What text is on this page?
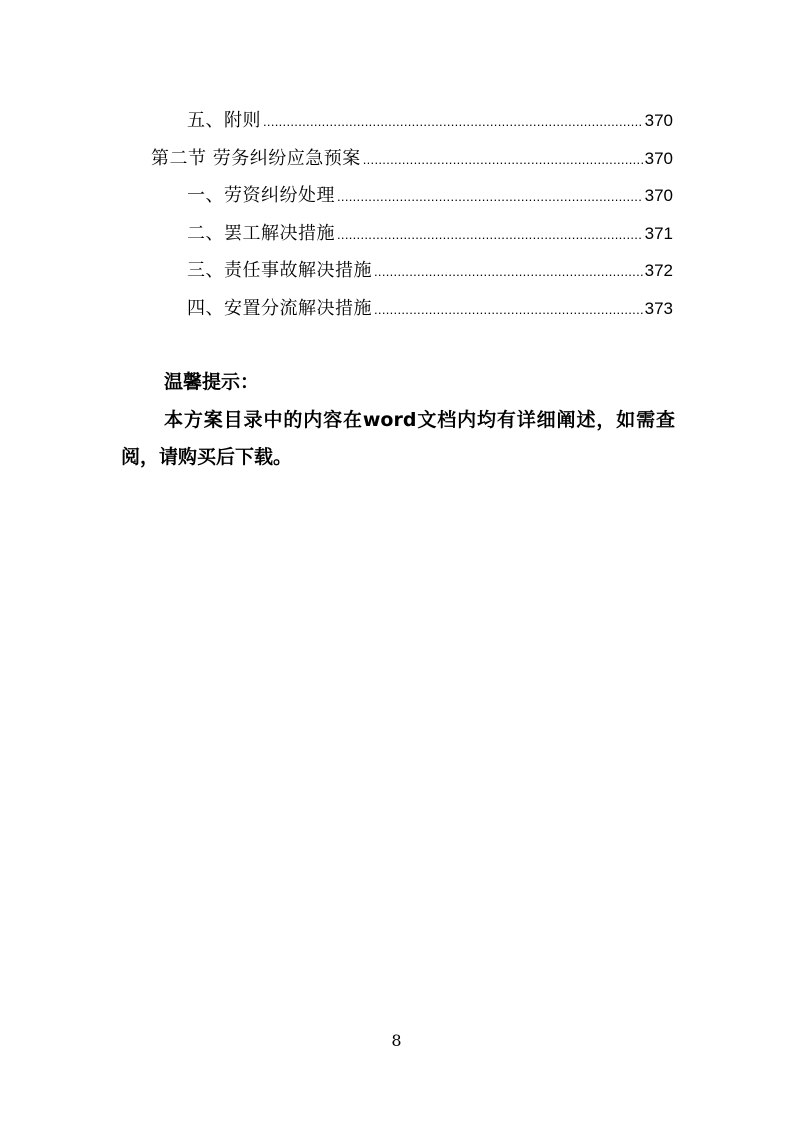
五、附则 .....	370
第二节 劳务纠纷应急预案 .....	370
一、劳资纠纷处理 .....	370
二、罢工解决措施 .....	371
三、责任事故解决措施 .....	372
四、安置分流解决措施 .....	373
温馨提示：
本方案目录中的内容在word文档内均有详细阐述，如需查阅，请购买后下载。
8
